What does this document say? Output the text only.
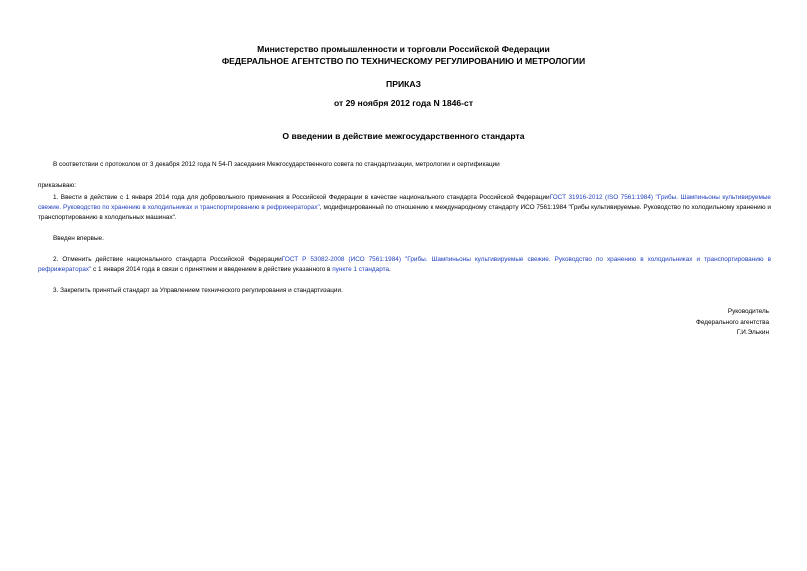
Министерство промышленности и торговли Российской Федерации
ФЕДЕРАЛЬНОЕ АГЕНТСТВО ПО ТЕХНИЧЕСКОМУ РЕГУЛИРОВАНИЮ И МЕТРОЛОГИИ
ПРИКАЗ
от 29 ноября 2012 года N 1846-ст
О введении в действие межгосударственного стандарта

В соответствии с протоколом от 3 декабря 2012 года N 54-П заседания Межгосударственного совета по стандартизации, метрологии и сертификации

приказываю:

1. Ввести в действие с 1 января 2014 года для добровольного применения в Российской Федерации в качестве национального стандарта Российской ФедерацииГОСТ 31916-2012 (ISO 7561:1984) "Грибы. Шампиньоны культивируемые свежие. Руководство по хранению в холодильниках и транспортированию в рефрижераторах", модифицированный по отношению к международному стандарту ИСО 7561:1984 "Грибы культивируемые. Руководство по холодильному хранению и транспортированию в холодильных машинах".

Введен впервые.

2. Отменить действие национального стандарта Российской ФедерацииГОСТ Р 53082-2008 (ИСО 7561:1984) "Грибы. Шампиньоны культивируемые свежие. Руководство по хранению в холодильниках и транспортированию в рефрижераторах" с 1 января 2014 года в связи с принятием и введением в действие указанного в пункте 1 стандарта.

3. Закрепить принятый стандарт за Управлением технического регулирования и стандартизации.

Руководитель
Федерального агентства
Г.И.Элькин
